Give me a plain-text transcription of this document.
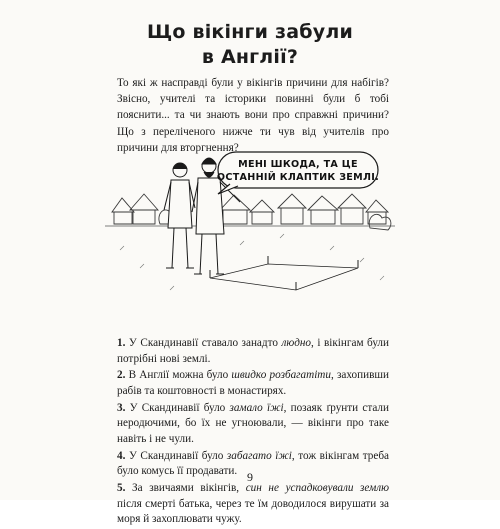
Що вікінги забули
в Англії?
То які ж насправді були у вікінгів причини для набігів? Звісно, учителі та історики повинні були б тобі пояснити... та чи знають вони про справжні причини? Що з переліченого нижче ти чув від учителів про причини для вторгнення?
МЕНІ ШКОДА, ТА ЦЕ
ОСТАННІЙ КЛАПТИК ЗЕМЛІ.
1. У Скандинавії ставало занадто людно, і вікінгам були потрібні нові землі.
2. В Англії можна було швидко розбагатіти, захопивши рабів та коштовності в монастирях.
3. У Скандинавії було замало їжі, позаяк ґрунти стали неродючими, бо їх не угноювали, — вікінги про таке навіть і не чули.
4. У Скандинавії було забагато їжі, тож вікінгам треба було комусь її продавати.
5. За звичаями вікінгів, син не успадковували землю після смерті батька, через те їм доводилося вирушати за моря й захоплювати чужу.
9
